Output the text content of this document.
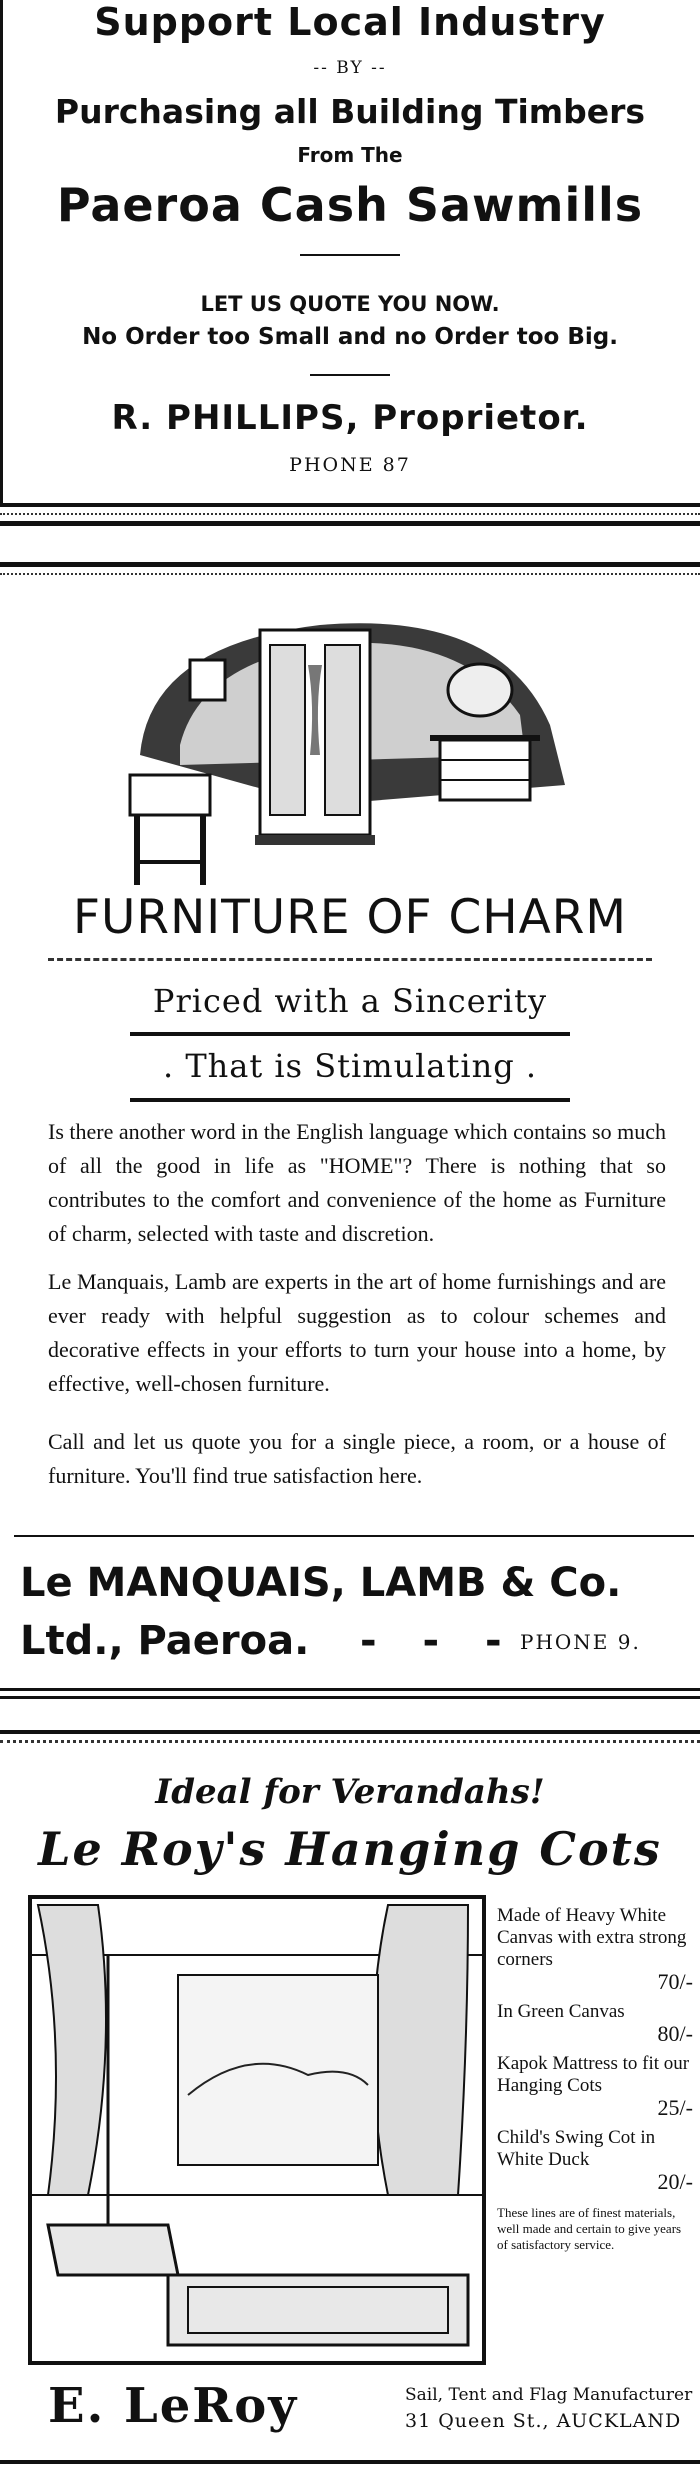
Support Local Industry
-- BY --
Purchasing all Building Timbers
From The
Paeroa Cash Sawmills
LET US QUOTE YOU NOW.
No Order too Small and no Order too Big.
R. PHILLIPS, Proprietor.
PHONE 87
FURNITURE OF CHARM
Priced with a Sincerity
. That is Stimulating .

Is there another word in the English language which contains so much of all the good in life as "HOME"? There is nothing that so contributes to the comfort and convenience of the home as Furniture of charm, selected with taste and discretion.

Le Manquais, Lamb are experts in the art of home furnishings and are ever ready with helpful suggestion as to colour schemes and decorative effects in your efforts to turn your house into a home, by effective, well-chosen furniture.

Call and let us quote you for a single piece, a room, or a house of furniture. You'll find true satisfaction here.

Le MANQUAIS, LAMB & Co.
Ltd., Paeroa. - - - PHONE 9.
Ideal for Verandahs!
Le Roy's Hanging Cots
Made of Heavy White Canvas with extra strong corners
70/-
In Green Canvas
80/-
Kapok Mattress to fit our Hanging Cots
25/-
Child's Swing Cot in White Duck
20/-
These lines are of finest materials, well made and certain to give years of satisfactory service.
E. LeRoy	Sail, Tent and Flag Manufacturer
31 Queen St., AUCKLAND
